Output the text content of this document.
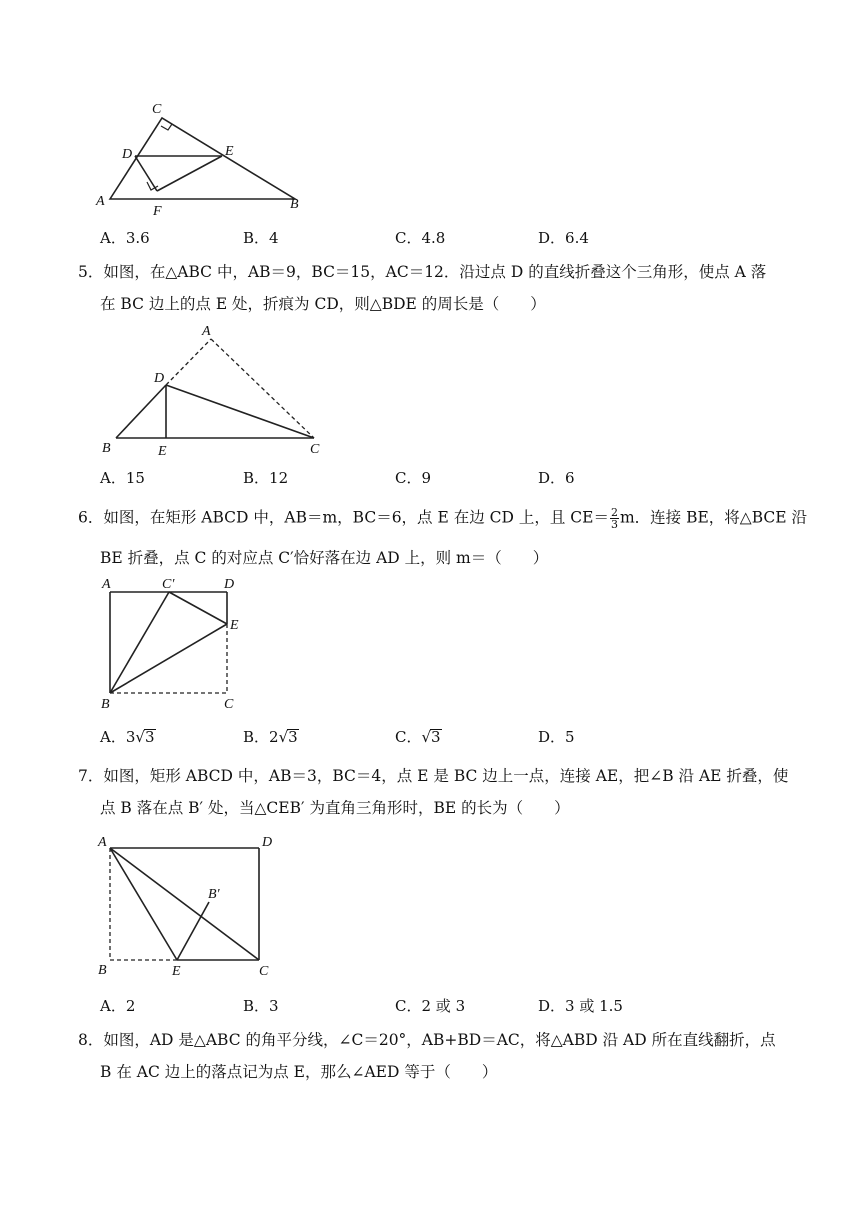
C
D	E
A
F	B
A．3.6	B．4	C．4.8	D．6.4
5．如图，在△ABC 中，AB＝9，BC＝15，AC＝12．沿过点 D 的直线折叠这个三角形，使点 A 落
在 BC 边上的点 E 处，折痕为 CD，则△BDE 的周长是（　　）
A
D
B	E	C
A．15	B．12	C．9	D．6
6．如图，在矩形 ABCD 中，AB＝m，BC＝6，点 E 在边 CD 上，且 $CE= \frac{2}{3}$ m．连接 BE，将△BCE 沿
BE 折叠，点 C 的对应点 C′恰好落在边 AD 上，则 m＝（　　）
A	C′	D
E
B	C
A．3√3	B．2√3	C．√3	D．5
7．如图，矩形 ABCD 中，AB＝3，BC＝4，点 E 是 BC 边上一点，连接 AE，把∠B 沿 AE 折叠，使
点 B 落在点 B′ 处，当△CEB′ 为直角三角形时，BE 的长为（　　）
A	D
B′
B	E	C
A．2	B．3	C．2 或 3	D．3 或 1.5
8．如图，AD 是△ABC 的角平分线，∠C＝20°，AB+BD＝AC，将△ABD 沿 AD 所在直线翻折，点
B 在 AC 边上的落点记为点 E，那么∠AED 等于（　　）
